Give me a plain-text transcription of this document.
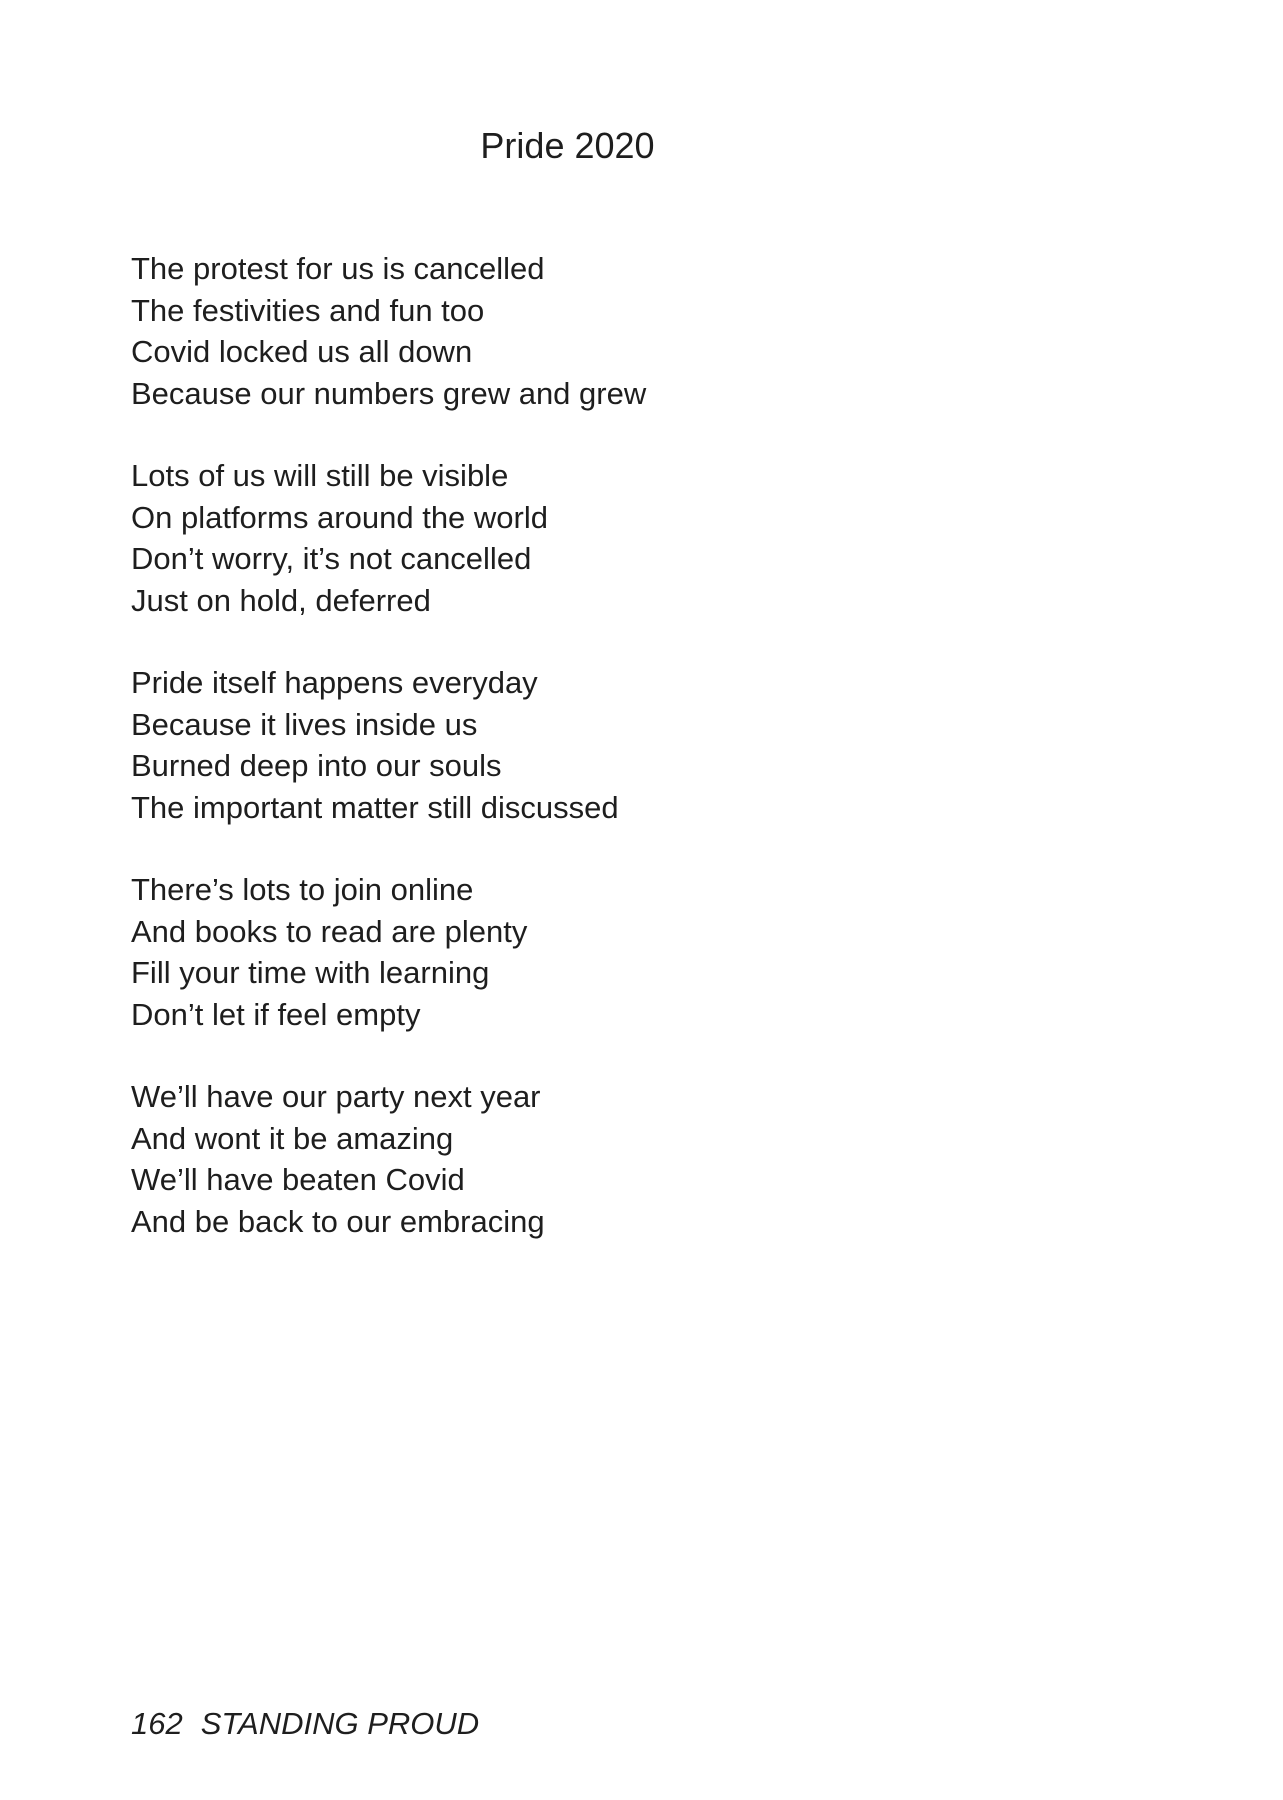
Pride 2020
The protest for us is cancelled
The festivities and fun too
Covid locked us all down
Because our numbers grew and grew
Lots of us will still be visible
On platforms around the world
Don’t worry, it’s not cancelled
Just on hold, deferred
Pride itself happens everyday
Because it lives inside us
Burned deep into our souls
The important matter still discussed
There’s lots to join online
And books to read are plenty
Fill your time with learning
Don’t let if feel empty
We’ll have our party next year
And wont it be amazing
We’ll have beaten Covid
And be back to our embracing
162 STANDING PROUD
